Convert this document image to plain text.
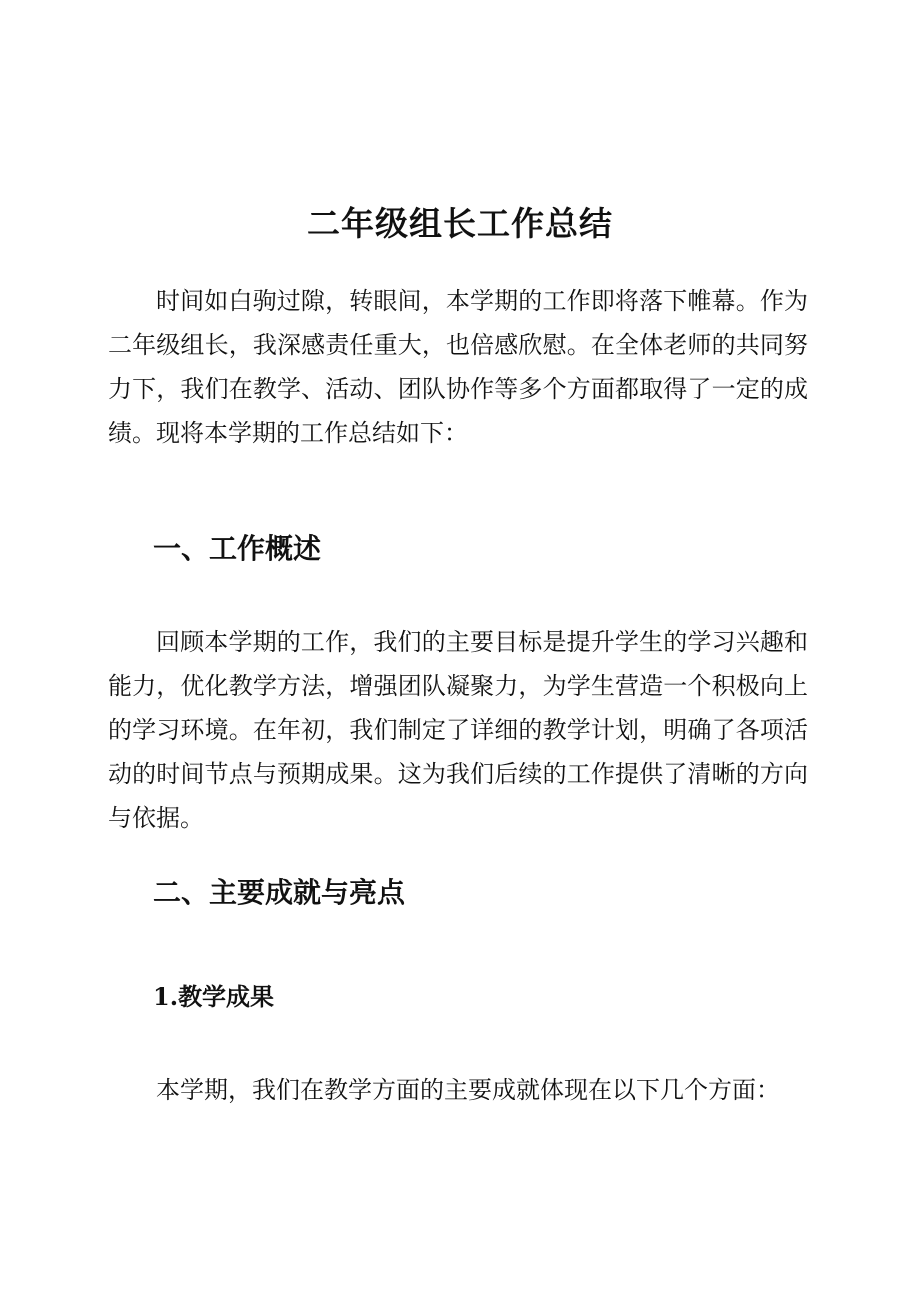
二年级组长工作总结

时间如白驹过隙，转眼间，本学期的工作即将落下帷幕。作为二年级组长，我深感责任重大，也倍感欣慰。在全体老师的共同努力下，我们在教学、活动、团队协作等多个方面都取得了一定的成绩。现将本学期的工作总结如下：

一、工作概述

回顾本学期的工作，我们的主要目标是提升学生的学习兴趣和能力，优化教学方法，增强团队凝聚力，为学生营造一个积极向上的学习环境。在年初，我们制定了详细的教学计划，明确了各项活动的时间节点与预期成果。这为我们后续的工作提供了清晰的方向与依据。

二、主要成就与亮点
1.教学成果

本学期，我们在教学方面的主要成就体现在以下几个方面：
